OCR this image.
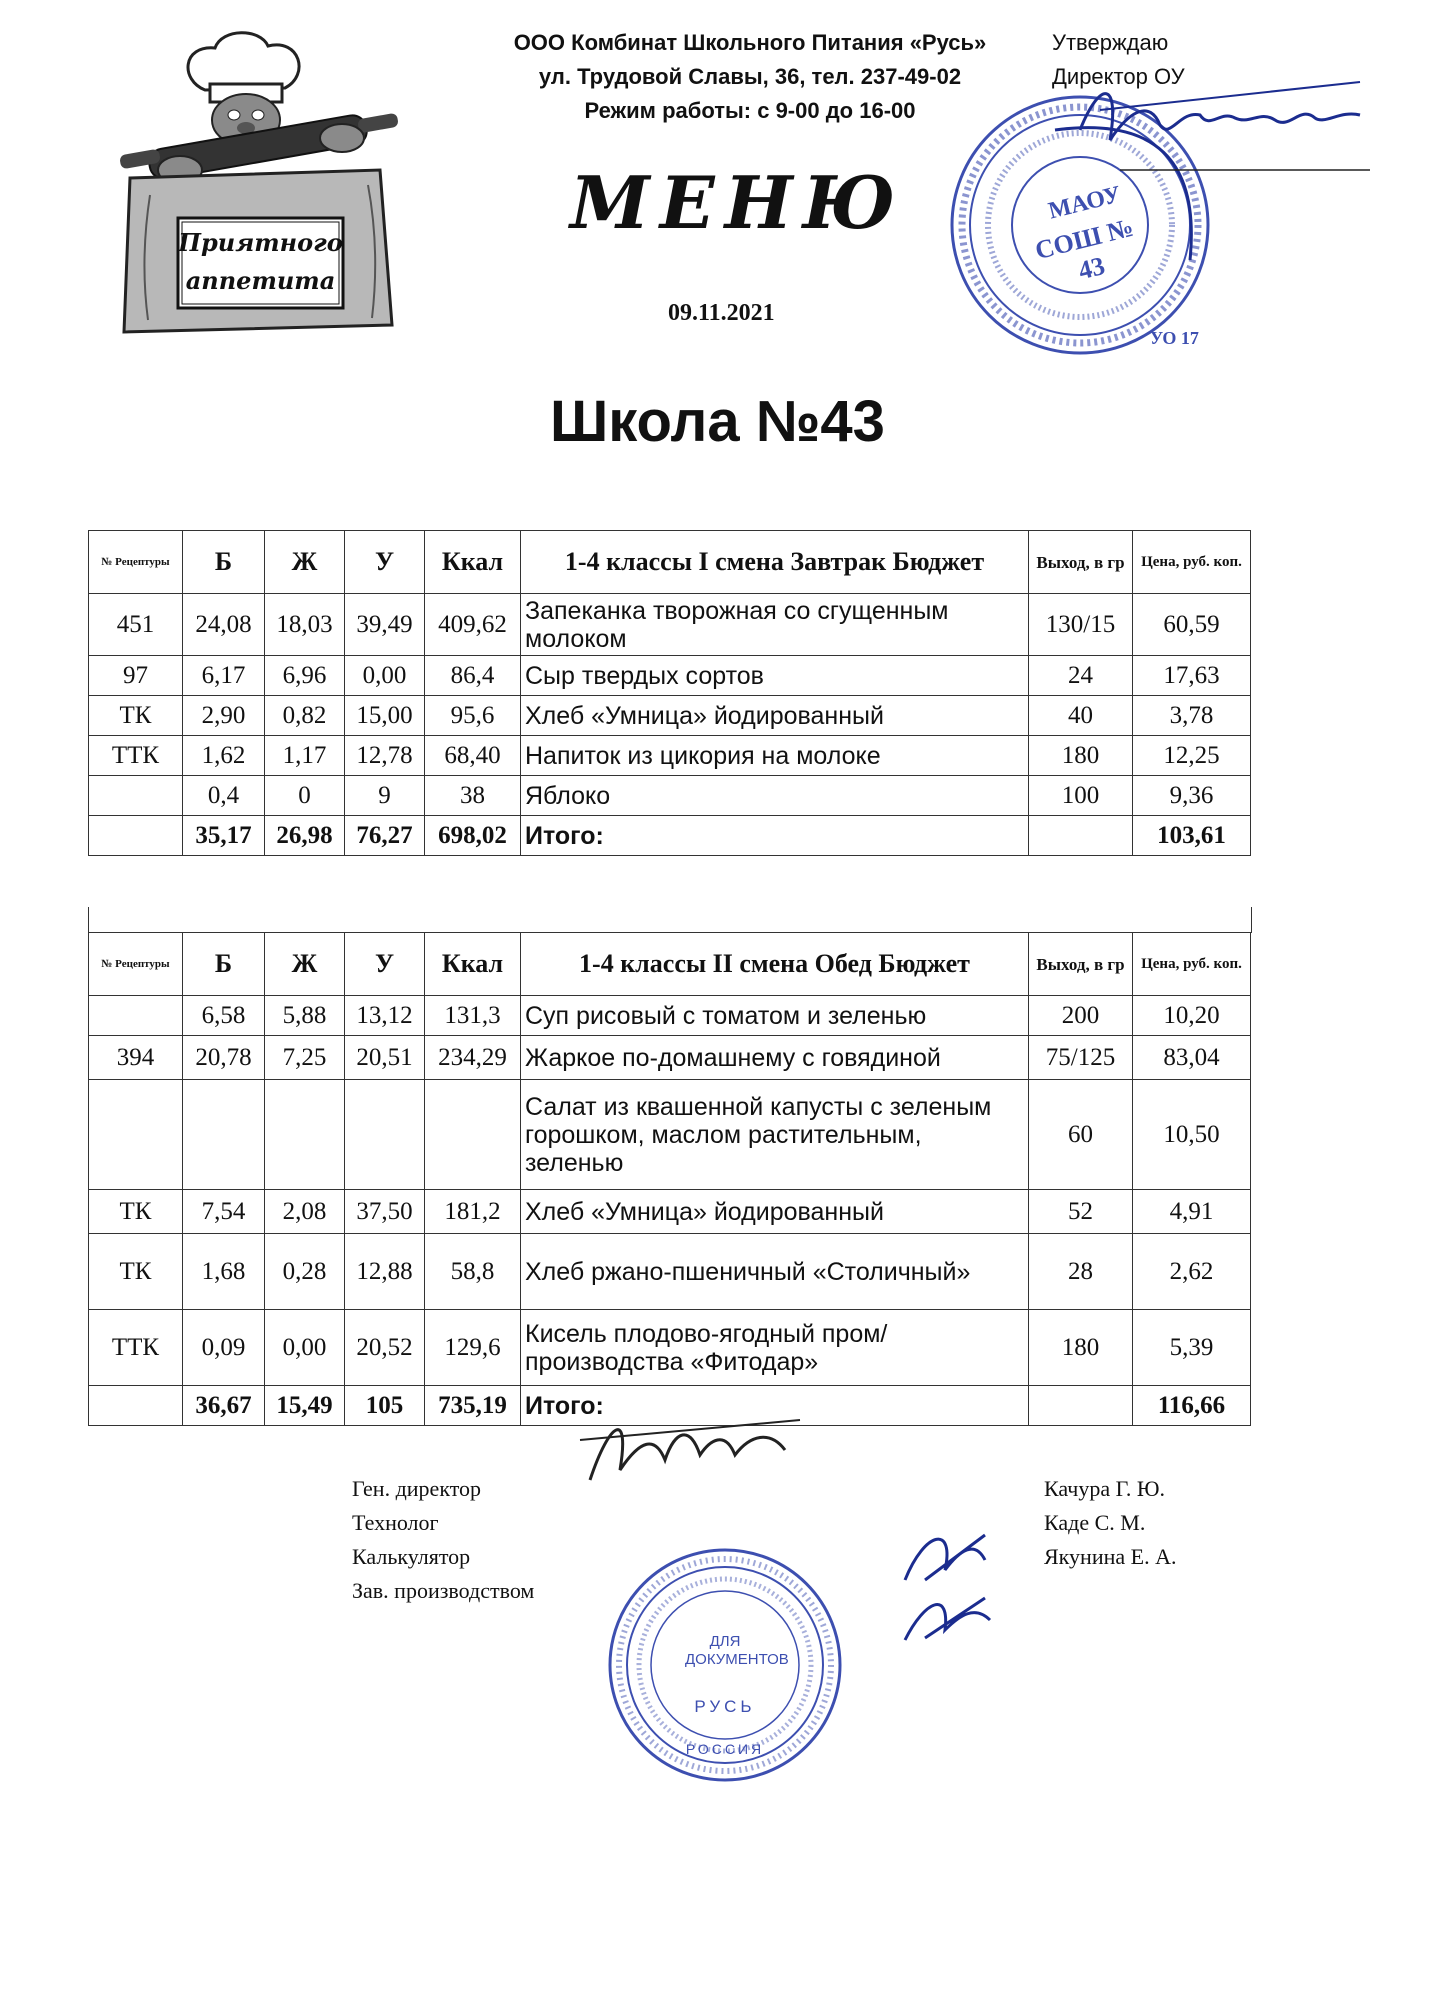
Приятного
аппетита
ООО Комбинат Школьного Питания «Русь»
ул. Трудовой Славы, 36, тел. 237-49-02
Режим работы: с 9-00 до 16-00
Утверждаю
Директор ОУ
МАОУ
СОШ № 43
УО 17
МЕНЮ
09.11.2021
Школа №43
№ Рецептуры	Б	Ж	У	Ккал	1-4 классы I смена Завтрак Бюджет	Выход, в гр	Цена, руб. коп.
451	24,08	18,03	39,49	409,62	Запеканка творожная со сгущенным молоком	130/15	60,59
97	6,17	6,96	0,00	86,4	Сыр твердых сортов	24	17,63
ТК	2,90	0,82	15,00	95,6	Хлеб «Умница» йодированный	40	3,78
ТТК	1,62	1,17	12,78	68,40	Напиток из цикория на молоке	180	12,25
	0,4	0	9	38	Яблоко	100	9,36
	35,17	26,98	76,27	698,02	Итого:		103,61
№ Рецептуры	Б	Ж	У	Ккал	1-4 классы II смена Обед Бюджет	Выход, в гр	Цена, руб. коп.
	6,58	5,88	13,12	131,3	Суп рисовый с томатом и зеленью	200	10,20
394	20,78	7,25	20,51	234,29	Жаркое по-домашнему с говядиной	75/125	83,04
					Салат из квашенной капусты с зеленым горошком, маслом растительным, зеленью	60	10,50
ТК	7,54	2,08	37,50	181,2	Хлеб «Умница» йодированный	52	4,91
ТК	1,68	0,28	12,88	58,8	Хлеб ржано-пшеничный «Столичный»	28	2,62
ТТК	0,09	0,00	20,52	129,6	Кисель плодово-ягодный пром/производства «Фитодар»	180	5,39
	36,67	15,49	105	735,19	Итого:		116,66
Ген. директор
Технолог
Калькулятор
Зав. производством
Качура Г. Ю.
Каде С. М.
Якунина Е. А.
ДЛЯ ДОКУМЕНТОВ
РУСЬ
РОССИЯ
